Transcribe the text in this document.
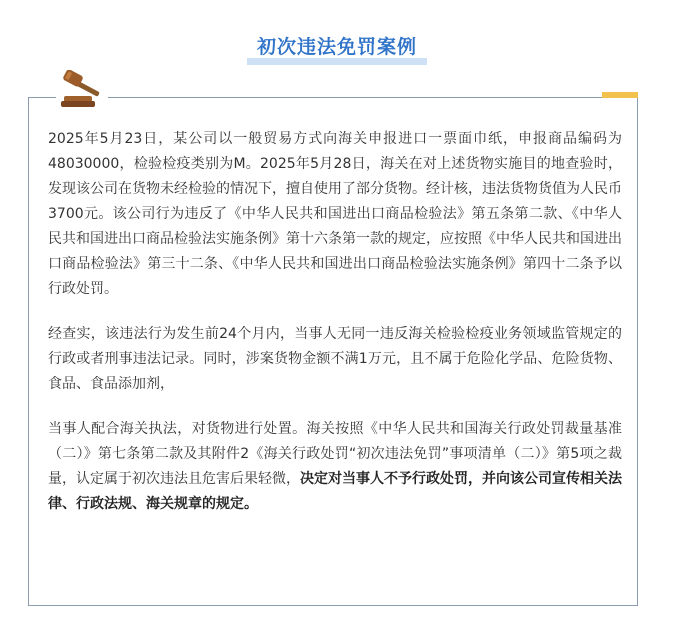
初次违法免罚案例

2025年5月23日，某公司以一般贸易方式向海关申报进口一票面巾纸，申报商品编码为48030000，检验检疫类别为M。2025年5月28日，海关在对上述货物实施目的地查验时，发现该公司在货物未经检验的情况下，擅自使用了部分货物。经计核，违法货物货值为人民币3700元。该公司行为违反了《中华人民共和国进出口商品检验法》第五条第二款、《中华人民共和国进出口商品检验法实施条例》第十六条第一款的规定，应按照《中华人民共和国进出口商品检验法》第三十二条、《中华人民共和国进出口商品检验法实施条例》第四十二条予以行政处罚。

经查实，该违法行为发生前24个月内，当事人无同一违反海关检验检疫业务领域监管规定的行政或者刑事违法记录。同时，涉案货物金额不满1万元，且不属于危险化学品、危险货物、食品、食品添加剂，

当事人配合海关执法，对货物进行处置。海关按照《中华人民共和国海关行政处罚裁量基准（二）》第七条第二款及其附件2《海关行政处罚“初次违法免罚”事项清单（二）》第5项之裁量，认定属于初次违法且危害后果轻微，决定对当事人不予行政处罚，并向该公司宣传相关法律、行政法规、海关规章的规定。
